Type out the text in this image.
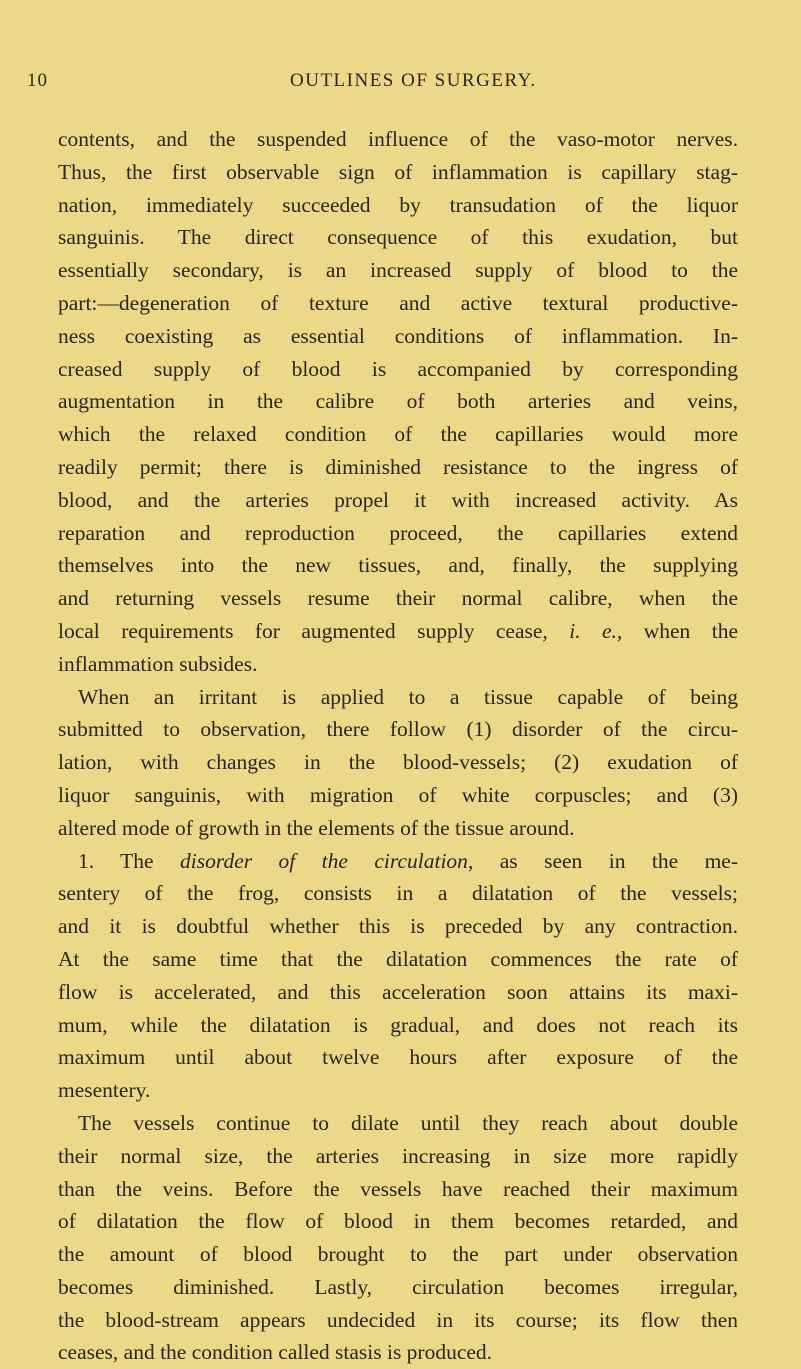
10	OUTLINES OF SURGERY.
contents, and the suspended influence of the vaso-motor nerves.
Thus, the first observable sign of inflammation is capillary stag-
nation, immediately succeeded by transudation of the liquor
sanguinis. The direct consequence of this exudation, but
essentially secondary, is an increased supply of blood to the
part:—degeneration of texture and active textural productive-
ness coexisting as essential conditions of inflammation. In-
creased supply of blood is accompanied by corresponding
augmentation in the calibre of both arteries and veins,
which the relaxed condition of the capillaries would more
readily permit; there is diminished resistance to the ingress of
blood, and the arteries propel it with increased activity. As
reparation and reproduction proceed, the capillaries extend
themselves into the new tissues, and, finally, the supplying
and returning vessels resume their normal calibre, when the
local requirements for augmented supply cease, i. e., when the
inflammation subsides.
When an irritant is applied to a tissue capable of being
submitted to observation, there follow (1) disorder of the circu-
lation, with changes in the blood-vessels; (2) exudation of
liquor sanguinis, with migration of white corpuscles; and (3)
altered mode of growth in the elements of the tissue around.
1. The disorder of the circulation, as seen in the me-
sentery of the frog, consists in a dilatation of the vessels;
and it is doubtful whether this is preceded by any contraction.
At the same time that the dilatation commences the rate of
flow is accelerated, and this acceleration soon attains its maxi-
mum, while the dilatation is gradual, and does not reach its
maximum until about twelve hours after exposure of the
mesentery.
The vessels continue to dilate until they reach about double
their normal size, the arteries increasing in size more rapidly
than the veins. Before the vessels have reached their maximum
of dilatation the flow of blood in them becomes retarded, and
the amount of blood brought to the part under observation
becomes diminished. Lastly, circulation becomes irregular,
the blood-stream appears undecided in its course; its flow then
ceases, and the condition called stasis is produced.
